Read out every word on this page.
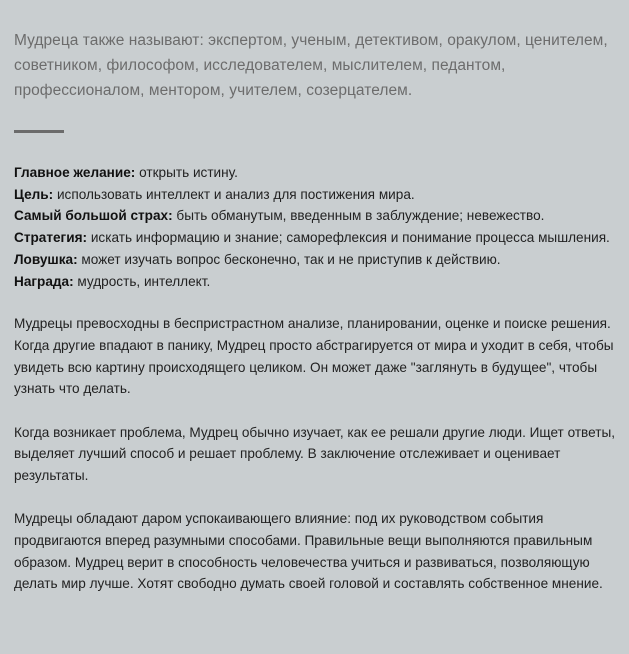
Мудреца также называют: экспертом, ученым, детективом, оракулом, ценителем, советником, философом, исследователем, мыслителем, педантом, профессионалом, ментором, учителем, созерцателем.

Главное желание: открыть истину.
Цель: использовать интеллект и анализ для постижения мира.
Самый большой страх: быть обманутым, введенным в заблуждение; невежество.
Стратегия: искать информацию и знание; саморефлексия и понимание процесса мышления.
Ловушка: может изучать вопрос бесконечно, так и не приступив к действию.
Награда: мудрость, интеллект.

Мудрецы превосходны в беспристрастном анализе, планировании, оценке и поиске решения. Когда другие впадают в панику, Мудрец просто абстрагируется от мира и уходит в себя, чтобы увидеть всю картину происходящего целиком. Он может даже "заглянуть в будущее", чтобы узнать что делать.

Когда возникает проблема, Мудрец обычно изучает, как ее решали другие люди. Ищет ответы, выделяет лучший способ и решает проблему. В заключение отслеживает и оценивает результаты.

Мудрецы обладают даром успокаивающего влияние: под их руководством события продвигаются вперед разумными способами. Правильные вещи выполняются правильным образом. Мудрец верит в способность человечества учиться и развиваться, позволяющую делать мир лучше. Хотят свободно думать своей головой и составлять собственное мнение.
